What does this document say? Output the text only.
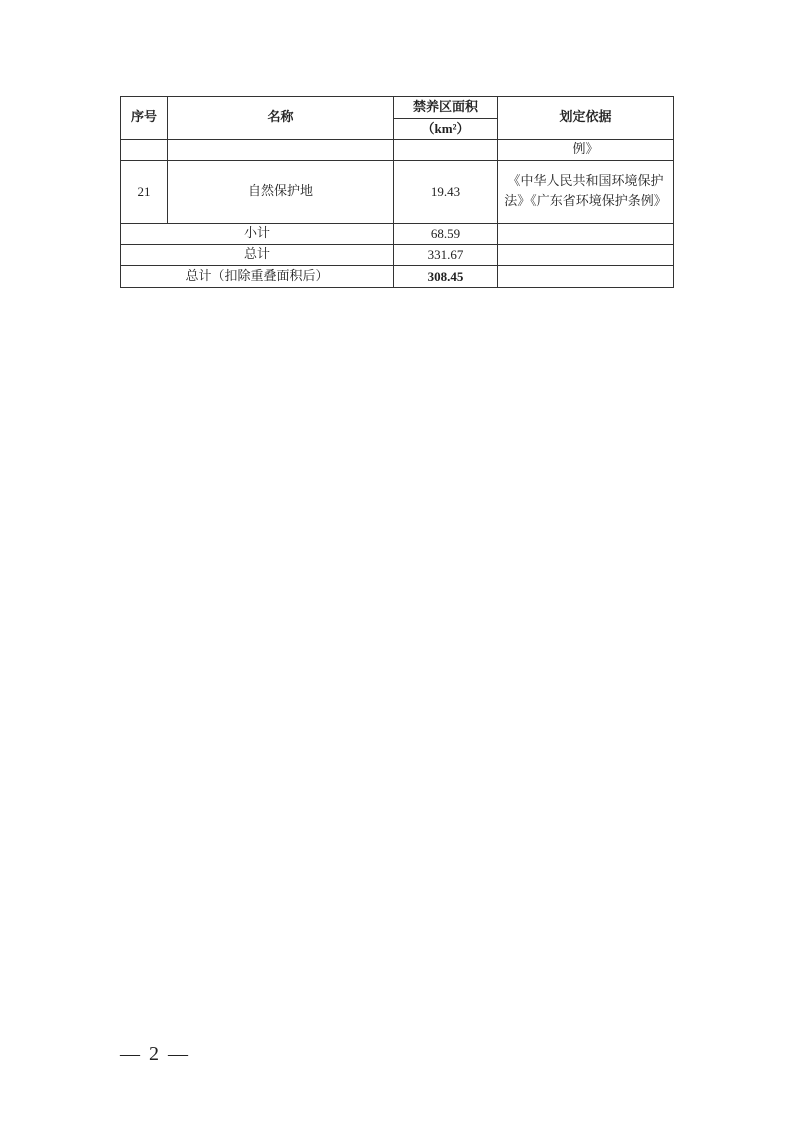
序号	名称	禁养区面积	划定依据
		（km²）	
			例》
21	自然保护地	19.43	《中华人民共和国环境保护法》《广东省环境保护条例》
小计		68.59	
总计		331.67	
总计（扣除重叠面积后）		308.45	
— 2 —
